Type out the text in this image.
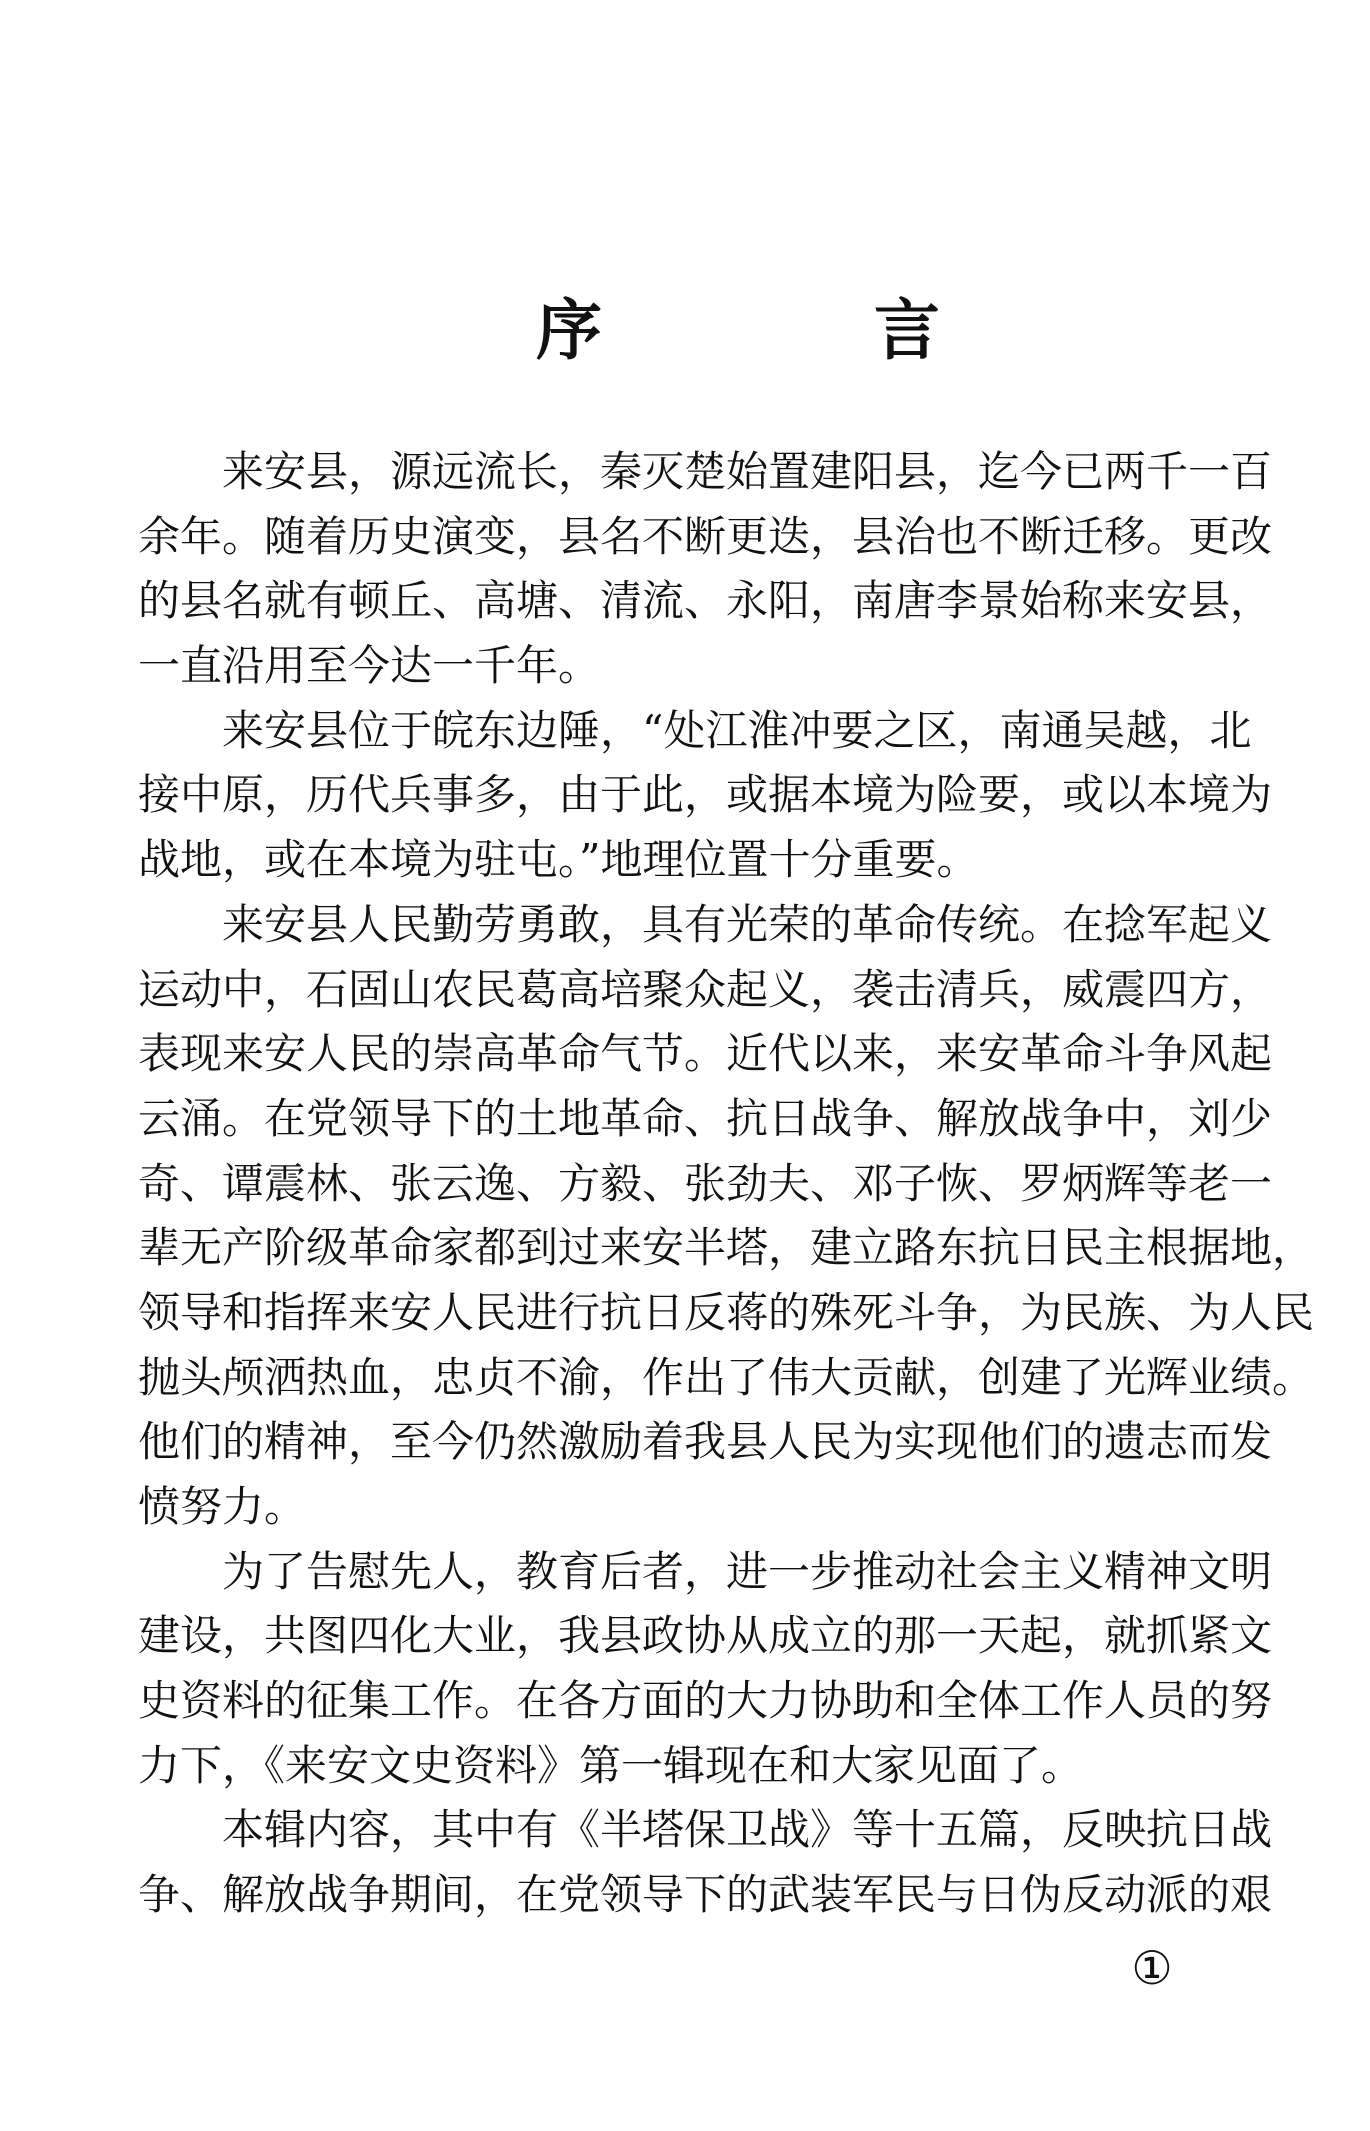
序	言
　　来安县，源远流长，秦灭楚始置建阳县，迄今已两千一百
余年。随着历史演变，县名不断更迭，县治也不断迁移。更改
的县名就有顿丘、高塘、清流、永阳，南唐李景始称来安县，
一直沿用至今达一千年。
　　来安县位于皖东边陲，“处江淮冲要之区，南通吴越，北
接中原，历代兵事多，由于此，或据本境为险要，或以本境为
战地，或在本境为驻屯。”地理位置十分重要。
　　来安县人民勤劳勇敢，具有光荣的革命传统。在捻军起义
运动中，石固山农民葛高培聚众起义，袭击清兵，威震四方，
表现来安人民的崇高革命气节。近代以来，来安革命斗争风起
云涌。在党领导下的土地革命、抗日战争、解放战争中，刘少
奇、谭震林、张云逸、方毅、张劲夫、邓子恢、罗炳辉等老一
辈无产阶级革命家都到过来安半塔，建立路东抗日民主根据地，
领导和指挥来安人民进行抗日反蒋的殊死斗争，为民族、为人民
抛头颅洒热血，忠贞不渝，作出了伟大贡献，创建了光辉业绩。
他们的精神，至今仍然激励着我县人民为实现他们的遗志而发
愤努力。
　　为了告慰先人，教育后者，进一步推动社会主义精神文明
建设，共图四化大业，我县政协从成立的那一天起，就抓紧文
史资料的征集工作。在各方面的大力协助和全体工作人员的努
力下，《来安文史资料》第一辑现在和大家见面了。
　　本辑内容，其中有《半塔保卫战》等十五篇，反映抗日战
争、解放战争期间，在党领导下的武装军民与日伪反动派的艰
①
